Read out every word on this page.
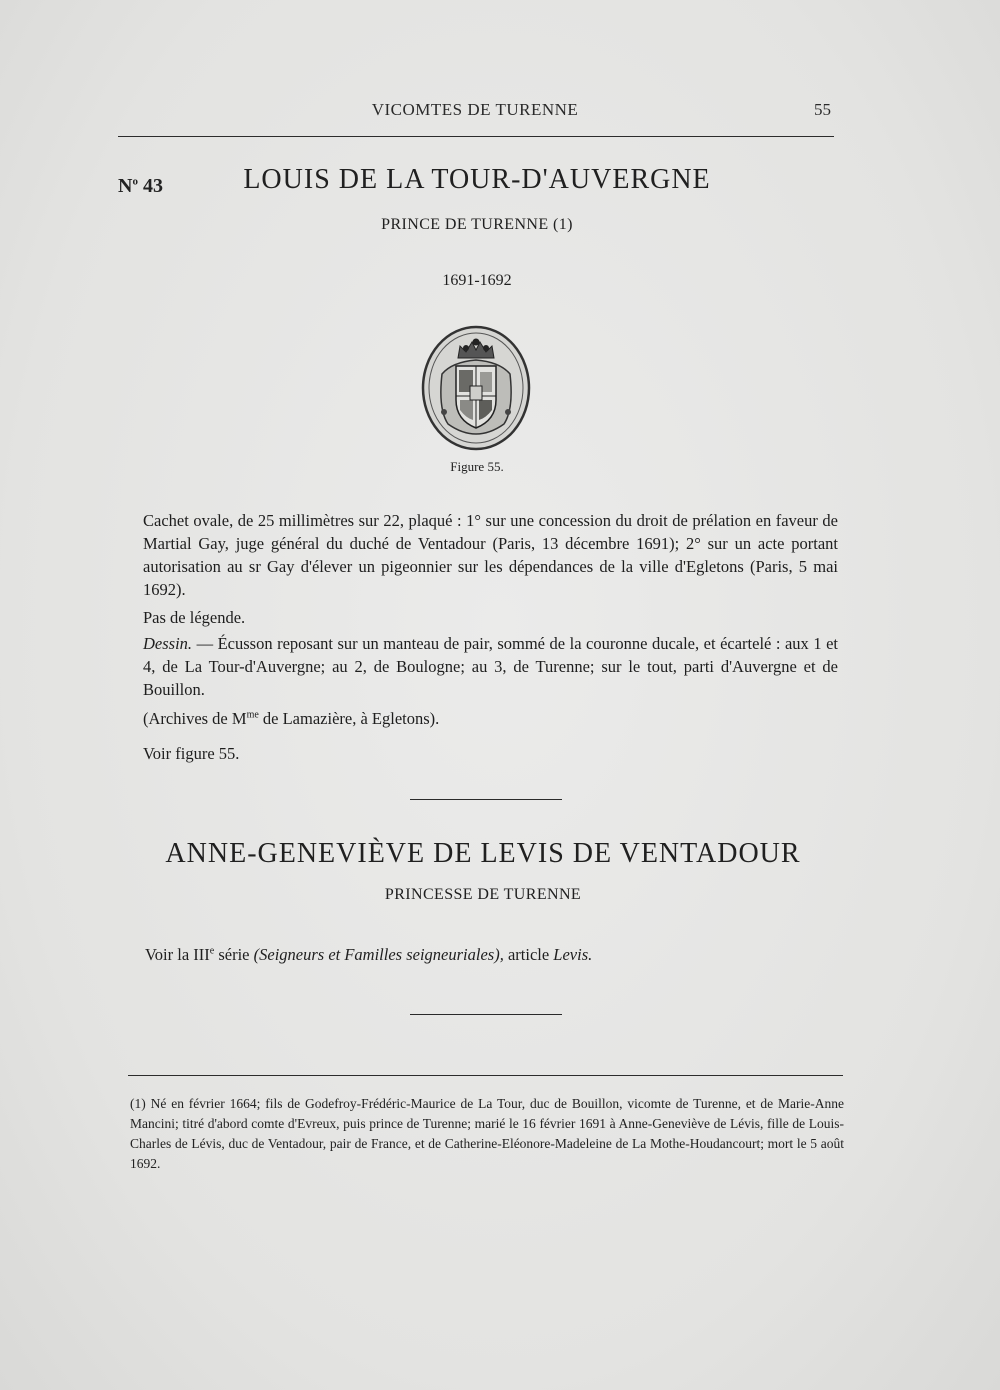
VICOMTES DE TURENNE	55
$N^o$ 43	LOUIS DE LA TOUR-D'AUVERGNE
PRINCE DE TURENNE (1)
1691-1692
Figure 55.
Cachet ovale, de 25 millimètres sur 22, plaqué : 1° sur une concession du droit de prélation en faveur de Martial Gay, juge général du duché de Ventadour (Paris, 13 décembre 1691); 2° sur un acte portant autorisation au sr Gay d'élever un pigeonnier sur les dépendances de la ville d'Egletons (Paris, 5 mai 1692).
Pas de légende.
Dessin. — Écusson reposant sur un manteau de pair, sommé de la couronne ducale, et écartelé : aux 1 et 4, de La Tour-d'Auvergne; au 2, de Boulogne; au 3, de Turenne; sur le tout, parti d'Auvergne et de Bouillon.
(Archives de $M^{me}$ de Lamazière, à Egletons).
Voir figure 55.
ANNE-GENEVIÈVE DE LEVIS DE VENTADOUR
PRINCESSE DE TURENNE
Voir la IIIe série (Seigneurs et Familles seigneuriales), article Levis.
(1) Né en février 1664; fils de Godefroy-Frédéric-Maurice de La Tour, duc de Bouillon, vicomte de Turenne, et de Marie-Anne Mancini; titré d'abord comte d'Evreux, puis prince de Turenne; marié le 16 février 1691 à Anne-Geneviève de Lévis, fille de Louis-Charles de Lévis, duc de Ventadour, pair de France, et de Catherine-Eléonore-Madeleine de La Mothe-Houdancourt; mort le 5 août 1692.
